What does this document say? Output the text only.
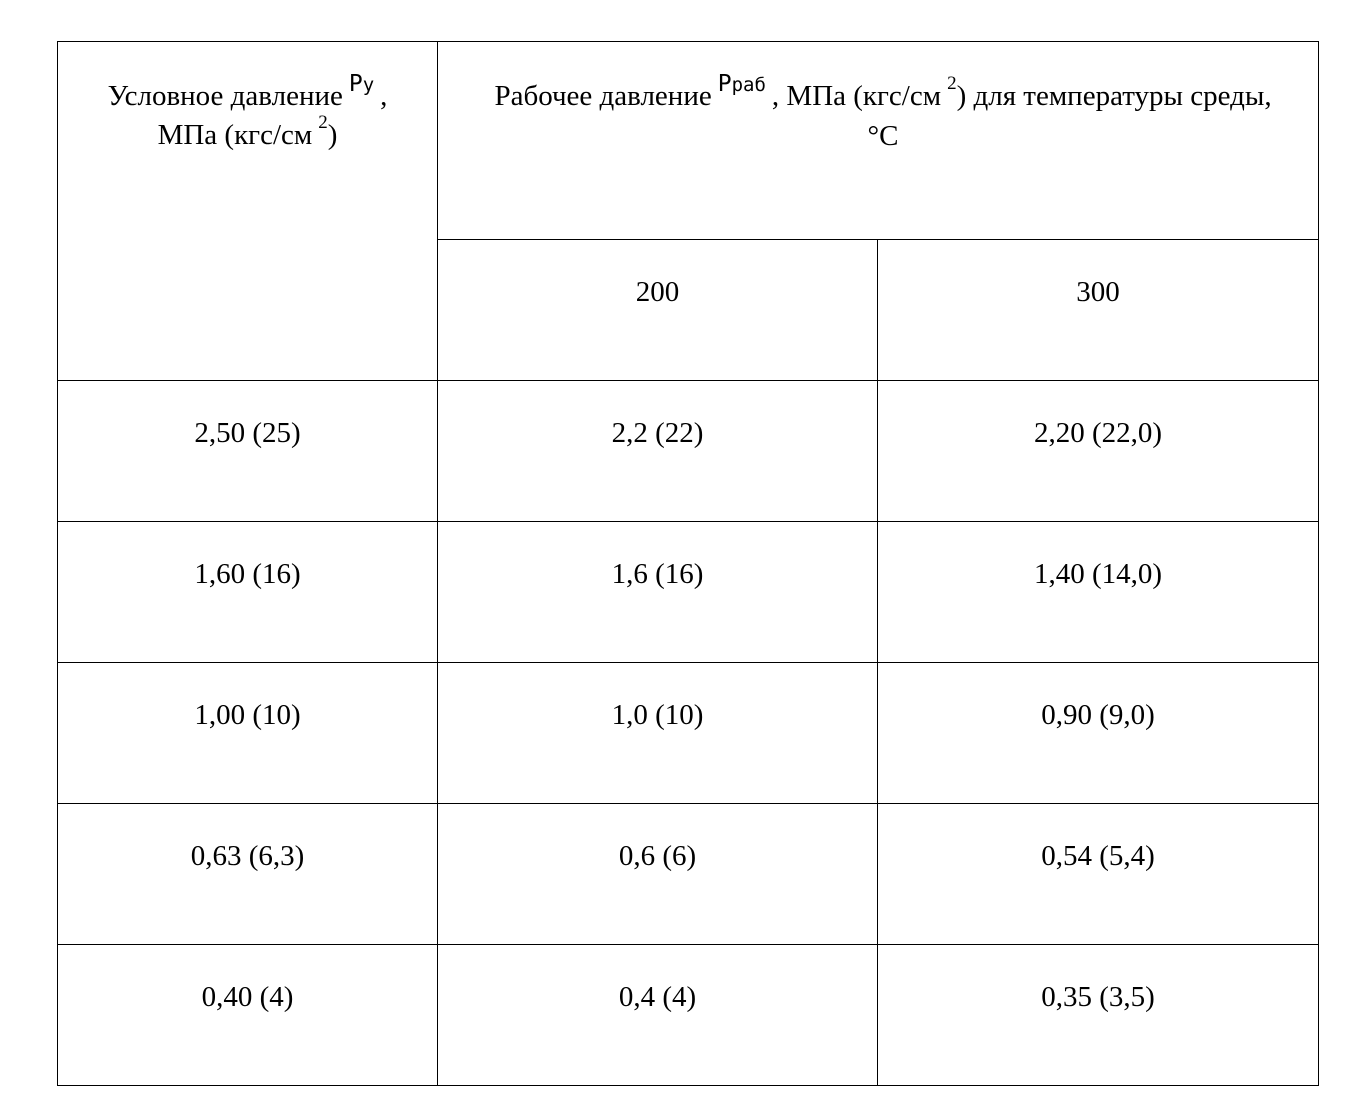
Условное давление $^{Pу}$ ,
МПа (кгс/см $^2$)	Рабочее давление $^{Pраб}$ , МПа (кгс/см $^2$) для температуры среды, °С	

	200	300

2,50 (25)	2,2 (22)	2,20 (22,0)

1,60 (16)	1,6 (16)	1,40 (14,0)

1,00 (10)	1,0 (10)	0,90 (9,0)

0,63 (6,3)	0,6 (6)	0,54 (5,4)

0,40 (4)	0,4 (4)	0,35 (3,5)
